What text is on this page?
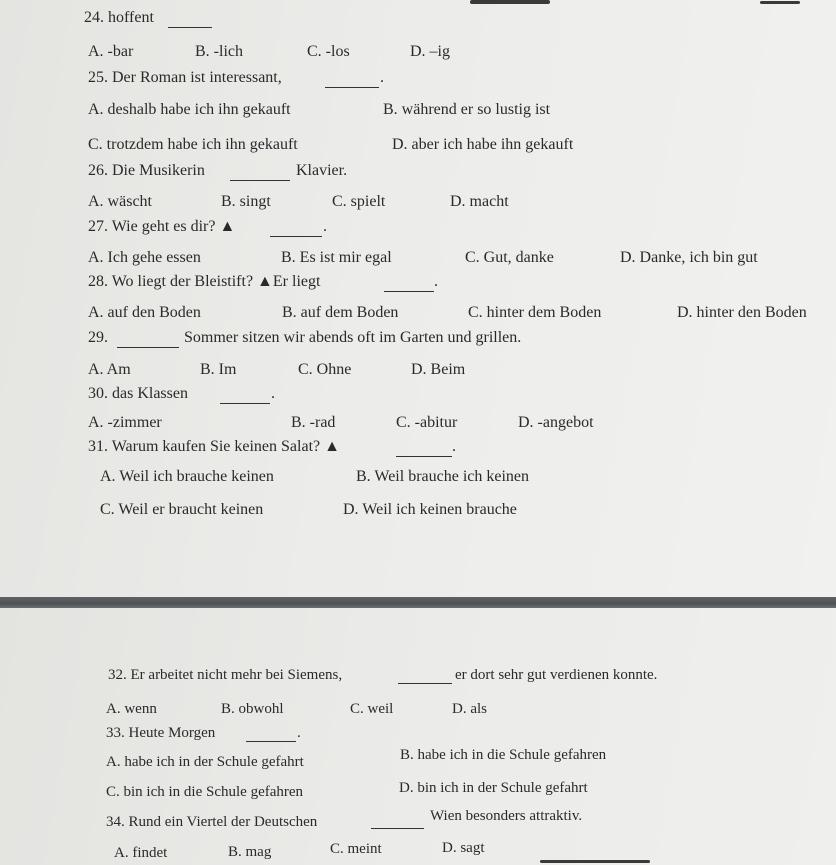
24. hoffent
A. -bar	B. -lich	C. -los	D. –ig
25. Der Roman ist interessant,	.
A. deshalb habe ich ihn gekauft	B. während er so lustig ist
C. trotzdem habe ich ihn gekauft	D. aber ich habe ihn gekauft
26. Die Musikerin	Klavier.
A. wäscht	B. singt	C. spielt	D. macht
27. Wie geht es dir? ▲	.
A. Ich gehe essen	B. Es ist mir egal	C. Gut, danke	D. Danke, ich bin gut
28. Wo liegt der Bleistift? ▲Er liegt	.
A. auf den Boden	B. auf dem Boden	C. hinter dem Boden	D. hinter den Boden
29.	Sommer sitzen wir abends oft im Garten und grillen.
A. Am	B. Im	C. Ohne	D. Beim
30. das Klassen	.
A. -zimmer	B. -rad	C. -abitur	D. -angebot
31. Warum kaufen Sie keinen Salat? ▲	.
A. Weil ich brauche keinen	B. Weil brauche ich keinen
C. Weil er braucht keinen	D. Weil ich keinen brauche
32. Er arbeitet nicht mehr bei Siemens,	er dort sehr gut verdienen konnte.
A. wenn	B. obwohl	C. weil	D. als
33. Heute Morgen	.
A. habe ich in der Schule gefahrt	B. habe ich in die Schule gefahren
C. bin ich in die Schule gefahren	D. bin ich in der Schule gefahrt
34. Rund ein Viertel der Deutschen	Wien besonders attraktiv.
A. findet	B. mag	C. meint	D. sagt
